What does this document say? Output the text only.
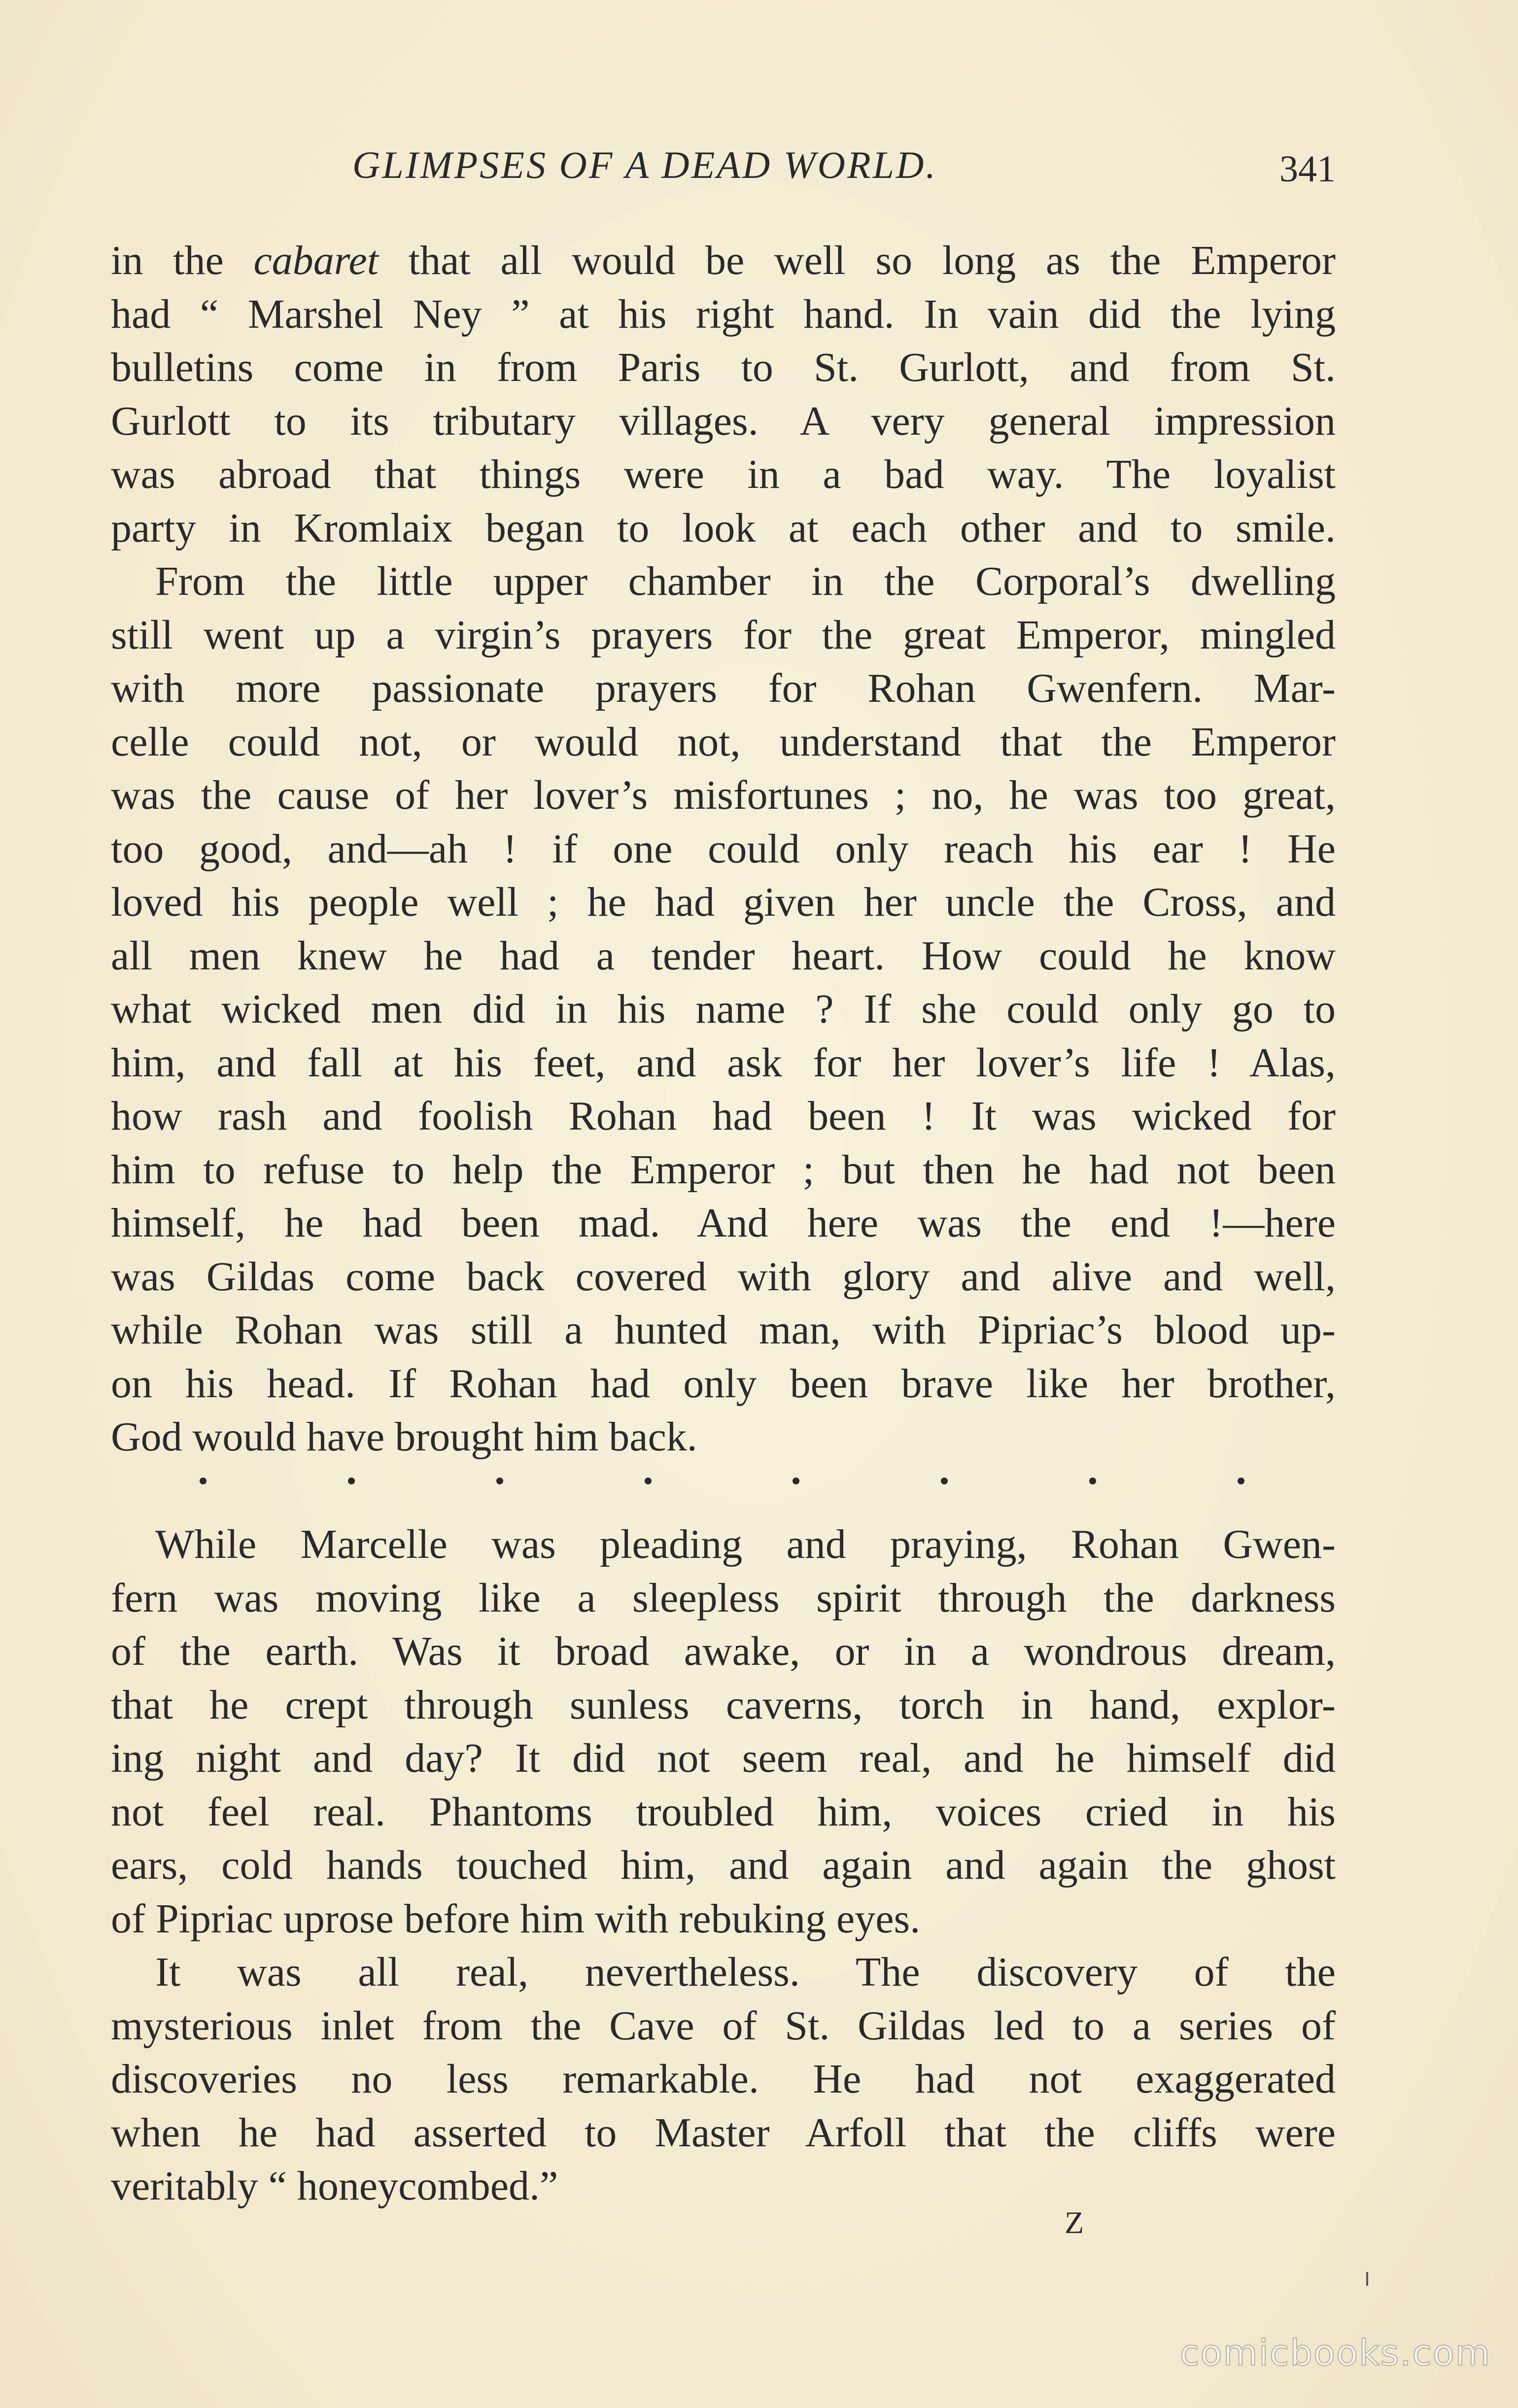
GLIMPSES OF A DEAD WORLD.	341
in the cabaret that all would be well so long as the Emperor
had “ Marshel Ney ” at his right hand. In vain did the lying
bulletins come in from Paris to St. Gurlott, and from St.
Gurlott to its tributary villages. A very general impression
was abroad that things were in a bad way. The loyalist
party in Kromlaix began to look at each other and to smile.
From the little upper chamber in the Corporal’s dwelling
still went up a virgin’s prayers for the great Emperor, mingled
with more passionate prayers for Rohan Gwenfern. Mar-
celle could not, or would not, understand that the Emperor
was the cause of her lover’s misfortunes ; no, he was too great,
too good, and—ah ! if one could only reach his ear ! He
loved his people well ; he had given her uncle the Cross, and
all men knew he had a tender heart. How could he know
what wicked men did in his name ? If she could only go to
him, and fall at his feet, and ask for her lover’s life ! Alas,
how rash and foolish Rohan had been ! It was wicked for
him to refuse to help the Emperor ; but then he had not been
himself, he had been mad. And here was the end !—here
was Gildas come back covered with glory and alive and well,
while Rohan was still a hunted man, with Pipriac’s blood up-
on his head. If Rohan had only been brave like her brother,
God would have brought him back.
While Marcelle was pleading and praying, Rohan Gwen-
fern was moving like a sleepless spirit through the darkness
of the earth. Was it broad awake, or in a wondrous dream,
that he crept through sunless caverns, torch in hand, explor-
ing night and day? It did not seem real, and he himself did
not feel real. Phantoms troubled him, voices cried in his
ears, cold hands touched him, and again and again the ghost
of Pipriac uprose before him with rebuking eyes.
It was all real, nevertheless. The discovery of the
mysterious inlet from the Cave of St. Gildas led to a series of
discoveries no less remarkable. He had not exaggerated
when he had asserted to Master Arfoll that the cliffs were
veritably “ honeycombed.”
Z
comicbooks.com
